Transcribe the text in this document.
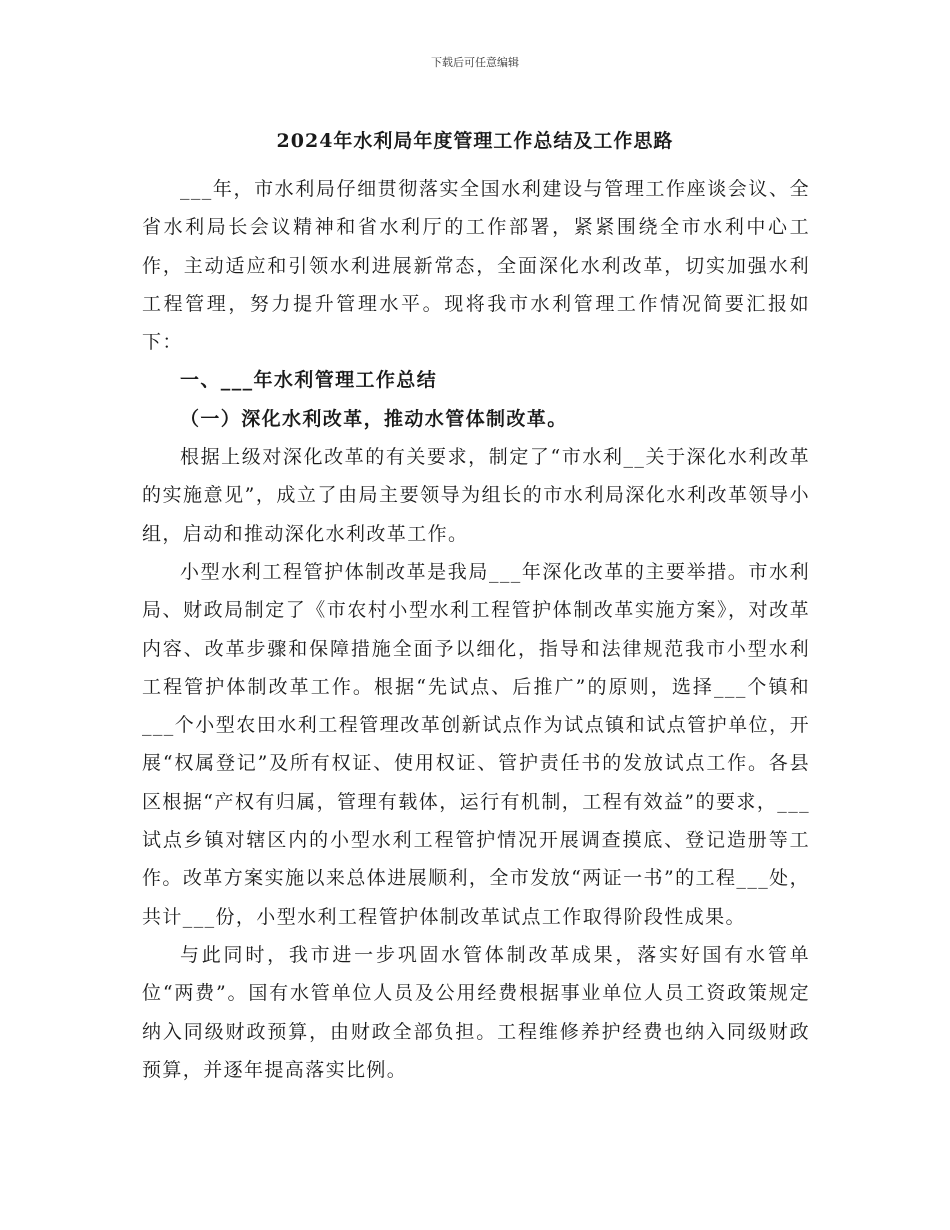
下载后可任意编辑
2024年水利局年度管理工作总结及工作思路

___年，市水利局仔细贯彻落实全国水利建设与管理工作座谈会议、全省水利局长会议精神和省水利厅的工作部署，紧紧围绕全市水利中心工作，主动适应和引领水利进展新常态，全面深化水利改革，切实加强水利工程管理，努力提升管理水平。现将我市水利管理工作情况简要汇报如下：

一、___年水利管理工作总结

（一）深化水利改革，推动水管体制改革。

根据上级对深化改革的有关要求，制定了“市水利__关于深化水利改革的实施意见”，成立了由局主要领导为组长的市水利局深化水利改革领导小组，启动和推动深化水利改革工作。

小型水利工程管护体制改革是我局___年深化改革的主要举措。市水利局、财政局制定了《市农村小型水利工程管护体制改革实施方案》，对改革内容、改革步骤和保障措施全面予以细化，指导和法律规范我市小型水利工程管护体制改革工作。根据“先试点、后推广”的原则，选择___个镇和___个小型农田水利工程管理改革创新试点作为试点镇和试点管护单位，开展“权属登记”及所有权证、使用权证、管护责任书的发放试点工作。各县区根据“产权有归属，管理有载体，运行有机制，工程有效益”的要求，___试点乡镇对辖区内的小型水利工程管护情况开展调查摸底、登记造册等工作。改革方案实施以来总体进展顺利，全市发放“两证一书”的工程___处，共计___份，小型水利工程管护体制改革试点工作取得阶段性成果。

与此同时，我市进一步巩固水管体制改革成果，落实好国有水管单位“两费”。国有水管单位人员及公用经费根据事业单位人员工资政策规定纳入同级财政预算，由财政全部负担。工程维修养护经费也纳入同级财政预算，并逐年提高落实比例。
